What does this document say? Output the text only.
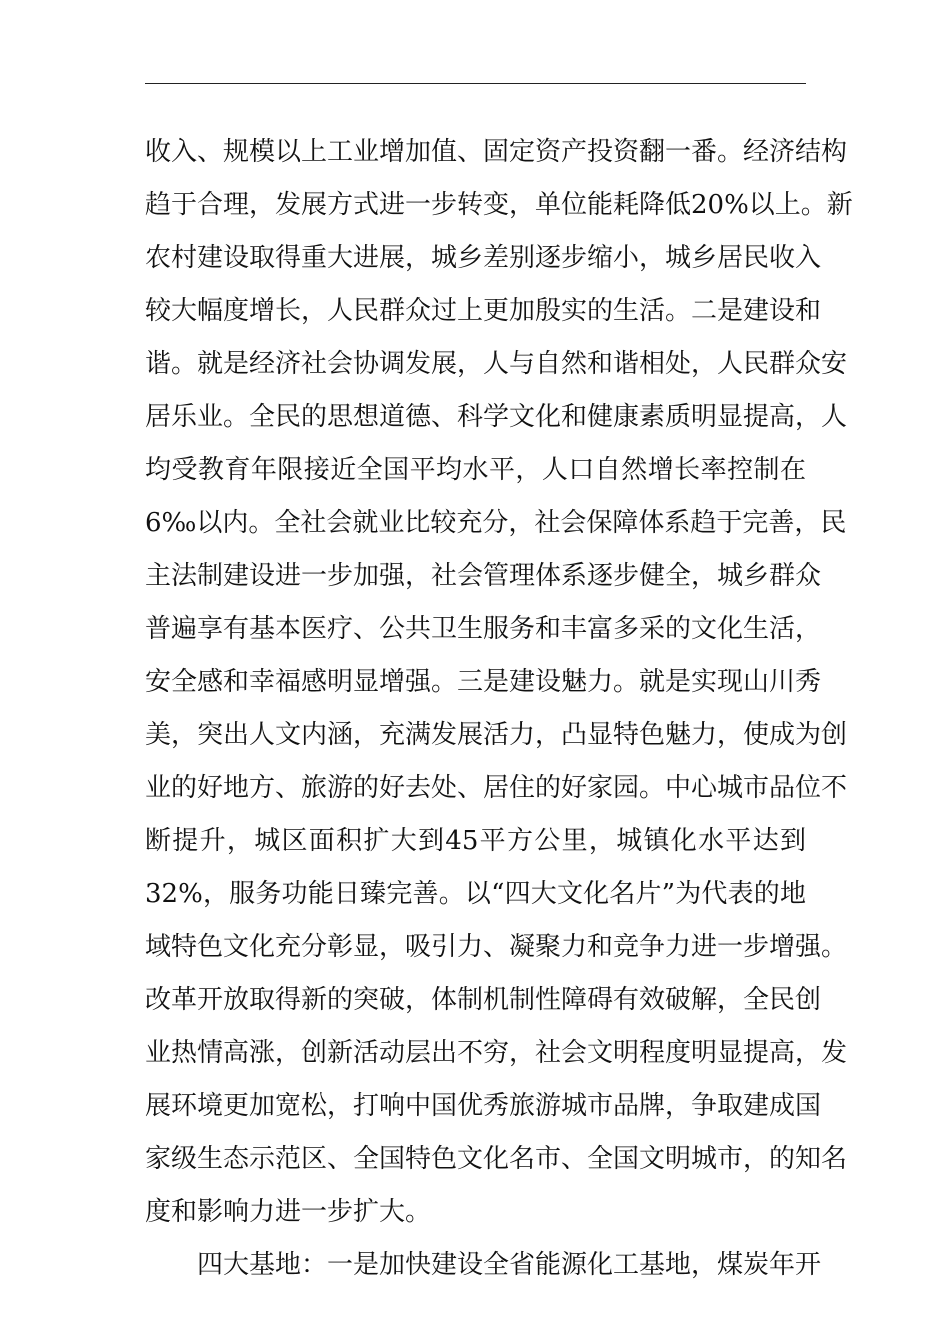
收入、规模以上工业增加值、固定资产投资翻一番。经济结构
趋于合理，发展方式进一步转变，单位能耗降低20%以上。新
农村建设取得重大进展，城乡差别逐步缩小，城乡居民收入
较大幅度增长，人民群众过上更加殷实的生活。二是建设和
谐。就是经济社会协调发展，人与自然和谐相处，人民群众安
居乐业。全民的思想道德、科学文化和健康素质明显提高，人
均受教育年限接近全国平均水平，人口自然增长率控制在
6‰以内。全社会就业比较充分，社会保障体系趋于完善，民
主法制建设进一步加强，社会管理体系逐步健全，城乡群众
普遍享有基本医疗、公共卫生服务和丰富多采的文化生活，
安全感和幸福感明显增强。三是建设魅力。就是实现山川秀
美，突出人文内涵，充满发展活力，凸显特色魅力，使成为创
业的好地方、旅游的好去处、居住的好家园。中心城市品位不
断提升，城区面积扩大到45平方公里，城镇化水平达到
32%，服务功能日臻完善。以“四大文化名片”为代表的地
域特色文化充分彰显，吸引力、凝聚力和竞争力进一步增强。
改革开放取得新的突破，体制机制性障碍有效破解，全民创
业热情高涨，创新活动层出不穷，社会文明程度明显提高，发
展环境更加宽松，打响中国优秀旅游城市品牌，争取建成国
家级生态示范区、全国特色文化名市、全国文明城市，的知名
度和影响力进一步扩大。
四大基地：一是加快建设全省能源化工基地，煤炭年开
